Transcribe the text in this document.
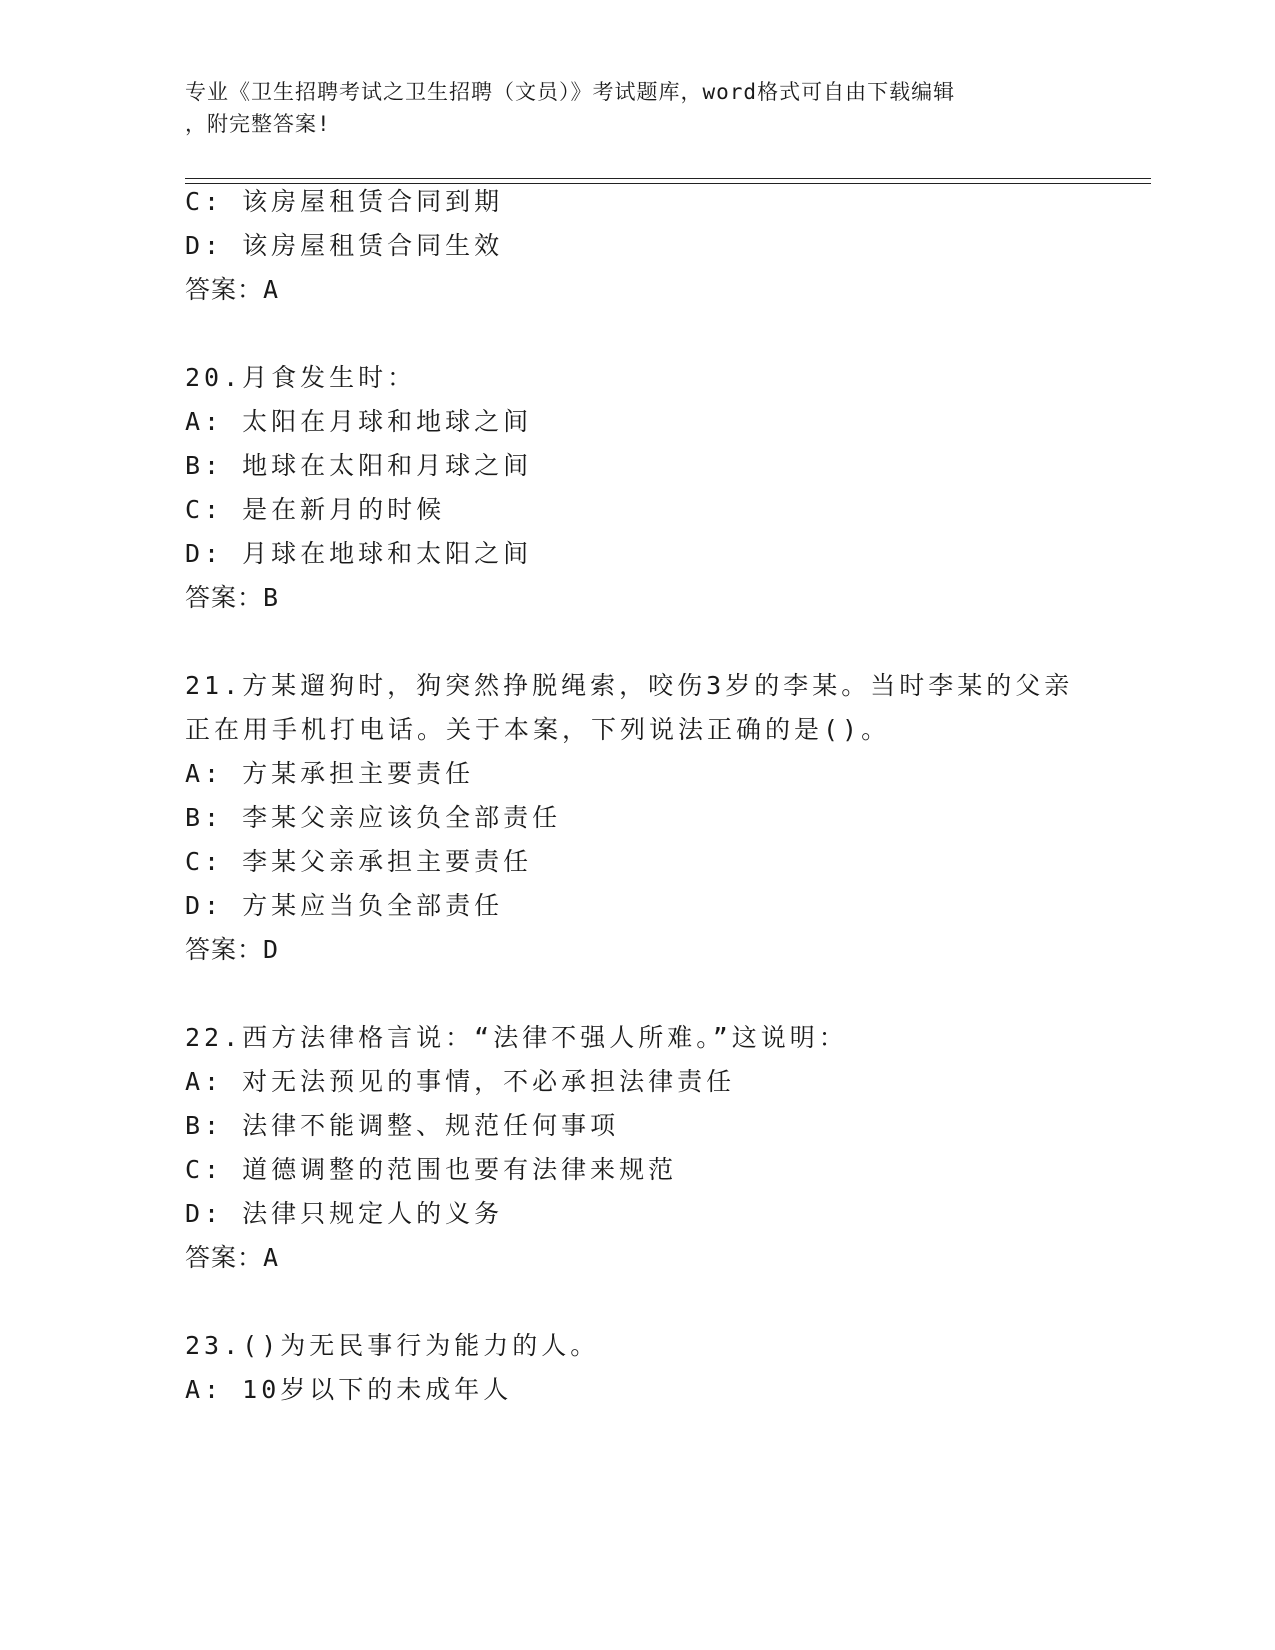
专业《卫生招聘考试之卫生招聘（文员）》考试题库，word格式可自由下载编辑
，附完整答案!
C: 该房屋租赁合同到期
D: 该房屋租赁合同生效
答案：A
20.月食发生时：
A: 太阳在月球和地球之间
B: 地球在太阳和月球之间
C: 是在新月的时候
D: 月球在地球和太阳之间
答案：B
21.方某遛狗时，狗突然挣脱绳索，咬伤3岁的李某。当时李某的父亲
正在用手机打电话。关于本案，下列说法正确的是()。
A: 方某承担主要责任
B: 李某父亲应该负全部责任
C: 李某父亲承担主要责任
D: 方某应当负全部责任
答案：D
22.西方法律格言说：“法律不强人所难。”这说明：
A: 对无法预见的事情，不必承担法律责任
B: 法律不能调整、规范任何事项
C: 道德调整的范围也要有法律来规范
D: 法律只规定人的义务
答案：A
23.()为无民事行为能力的人。
A: 10岁以下的未成年人
